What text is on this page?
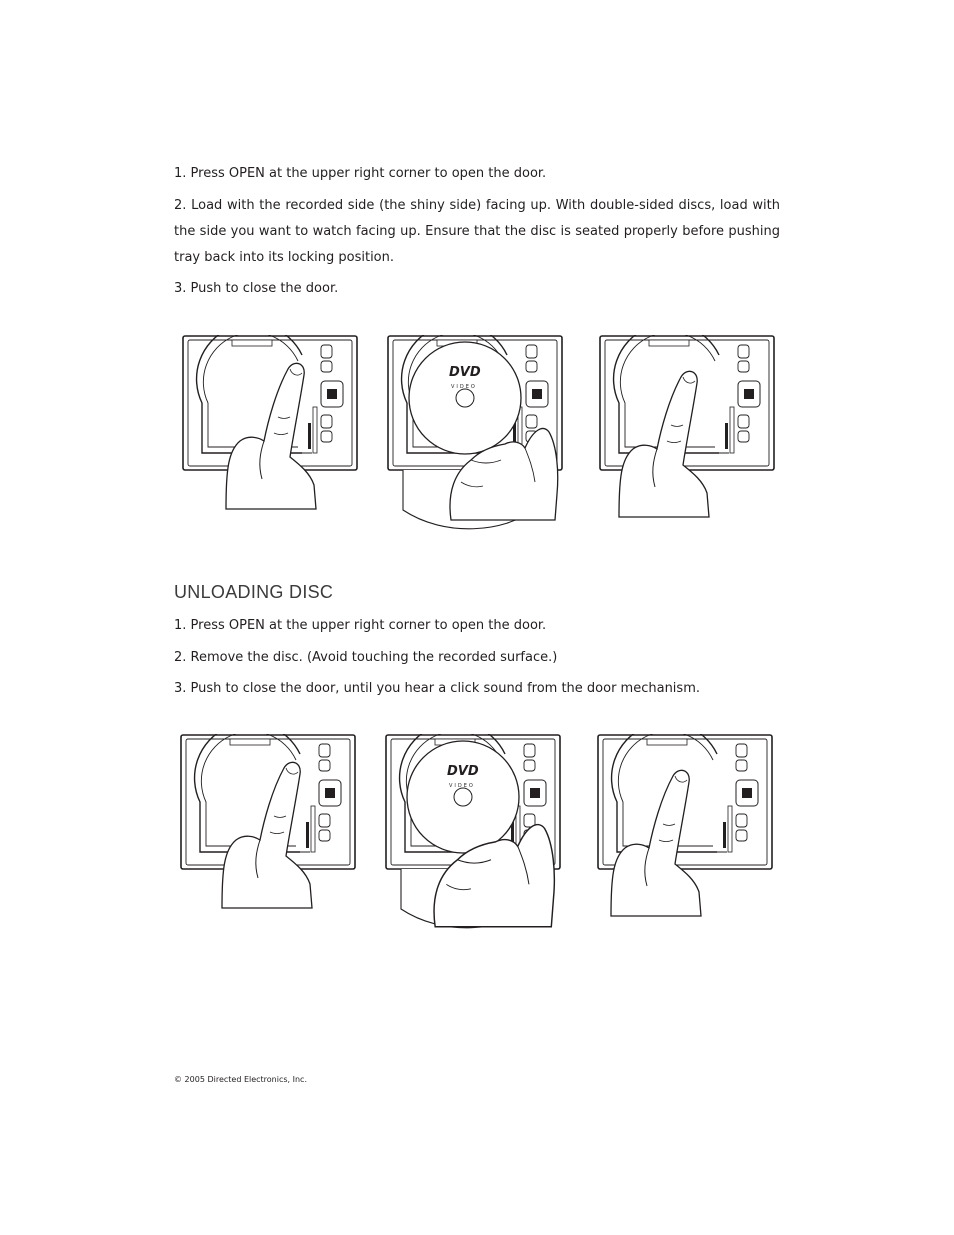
1. Press OPEN at the upper right corner to open the door.

2. Load with the recorded side (the shiny side) facing up. With double-sided discs, load with the side you want to watch facing up. Ensure that the disc is seated properly before pushing tray back into its locking position.

3. Push to close the door.

DVD
VIDEO
UNLOADING DISC

1. Press OPEN at the upper right corner to open the door.

2. Remove the disc. (Avoid touching the recorded surface.)

3. Push to close the door, until you hear a click sound from the door mechanism.

DVD
VIDEO

© 2005 Directed Electronics, Inc.
